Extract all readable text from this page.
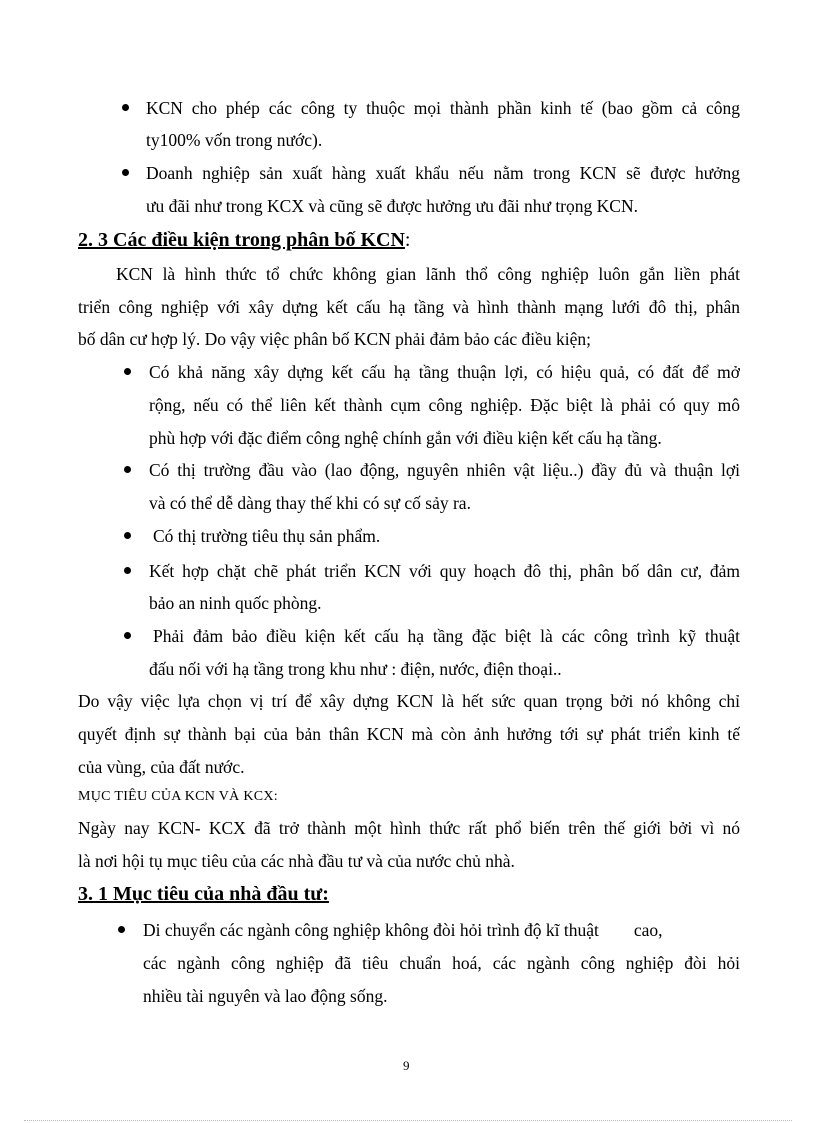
KCN cho phép các công ty thuộc mọi thành phần kinh tế (bao gồm cả công
ty100% vốn trong nước).
Doanh nghiệp sản xuất hàng xuất khẩu nếu nằm trong KCN sẽ được hưởng
ưu đãi như trong KCX và cũng sẽ được hưởng ưu đãi như trọng KCN.
2. 3 Các điều kiện trong phân bố KCN:
KCN là hình thức tổ chức không gian lãnh thổ công nghiệp luôn gắn liền phát
triển công nghiệp với xây dựng kết cấu hạ tầng và hình thành mạng lưới đô thị, phân
bố dân cư hợp lý. Do vậy việc phân bố KCN phải đảm bảo các điều kiện;
Có khả năng xây dựng kết cấu hạ tầng thuận lợi, có hiệu quả, có đất để mở
rộng, nếu có thể liên kết thành cụm công nghiệp. Đặc biệt là phải có quy mô
phù hợp với đặc điểm công nghệ chính gắn với điều kiện kết cấu hạ tầng.
Có thị trường đầu vào (lao động, nguyên nhiên vật liệu..) đầy đủ và thuận lợi
và có thể dễ dàng thay thế khi có sự cố sảy ra.
Có thị trường tiêu thụ sản phẩm.
Kết hợp chặt chẽ phát triển KCN với quy hoạch đô thị, phân bố dân cư, đảm
bảo an ninh quốc phòng.
Phải đảm bảo điều kiện kết cấu hạ tầng đặc biệt là các công trình kỹ thuật
đấu nối với hạ tầng trong khu như : điện, nước, điện thoại..
Do vậy việc lựa chọn vị trí để xây dựng KCN là hết sức quan trọng bởi nó không chỉ
quyết định sự thành bại của bản thân KCN mà còn ảnh hưởng tới sự phát triển kinh tế
của vùng, của đất nước.
MỤC TIÊU CỦA KCN VÀ KCX:
Ngày nay KCN- KCX đã trở thành một hình thức rất phổ biến trên thế giới bởi vì nó
là nơi hội tụ mục tiêu của các nhà đầu tư và của nước chủ nhà.
3. 1 Mục tiêu của nhà đầu tư:
Di chuyển các ngành công nghiệp không đòi hỏi trình độ kĩ thuật        cao,
các ngành công nghiệp đã tiêu chuẩn hoá, các ngành công nghiệp đòi hỏi
nhiều tài nguyên và lao động sống.
9
